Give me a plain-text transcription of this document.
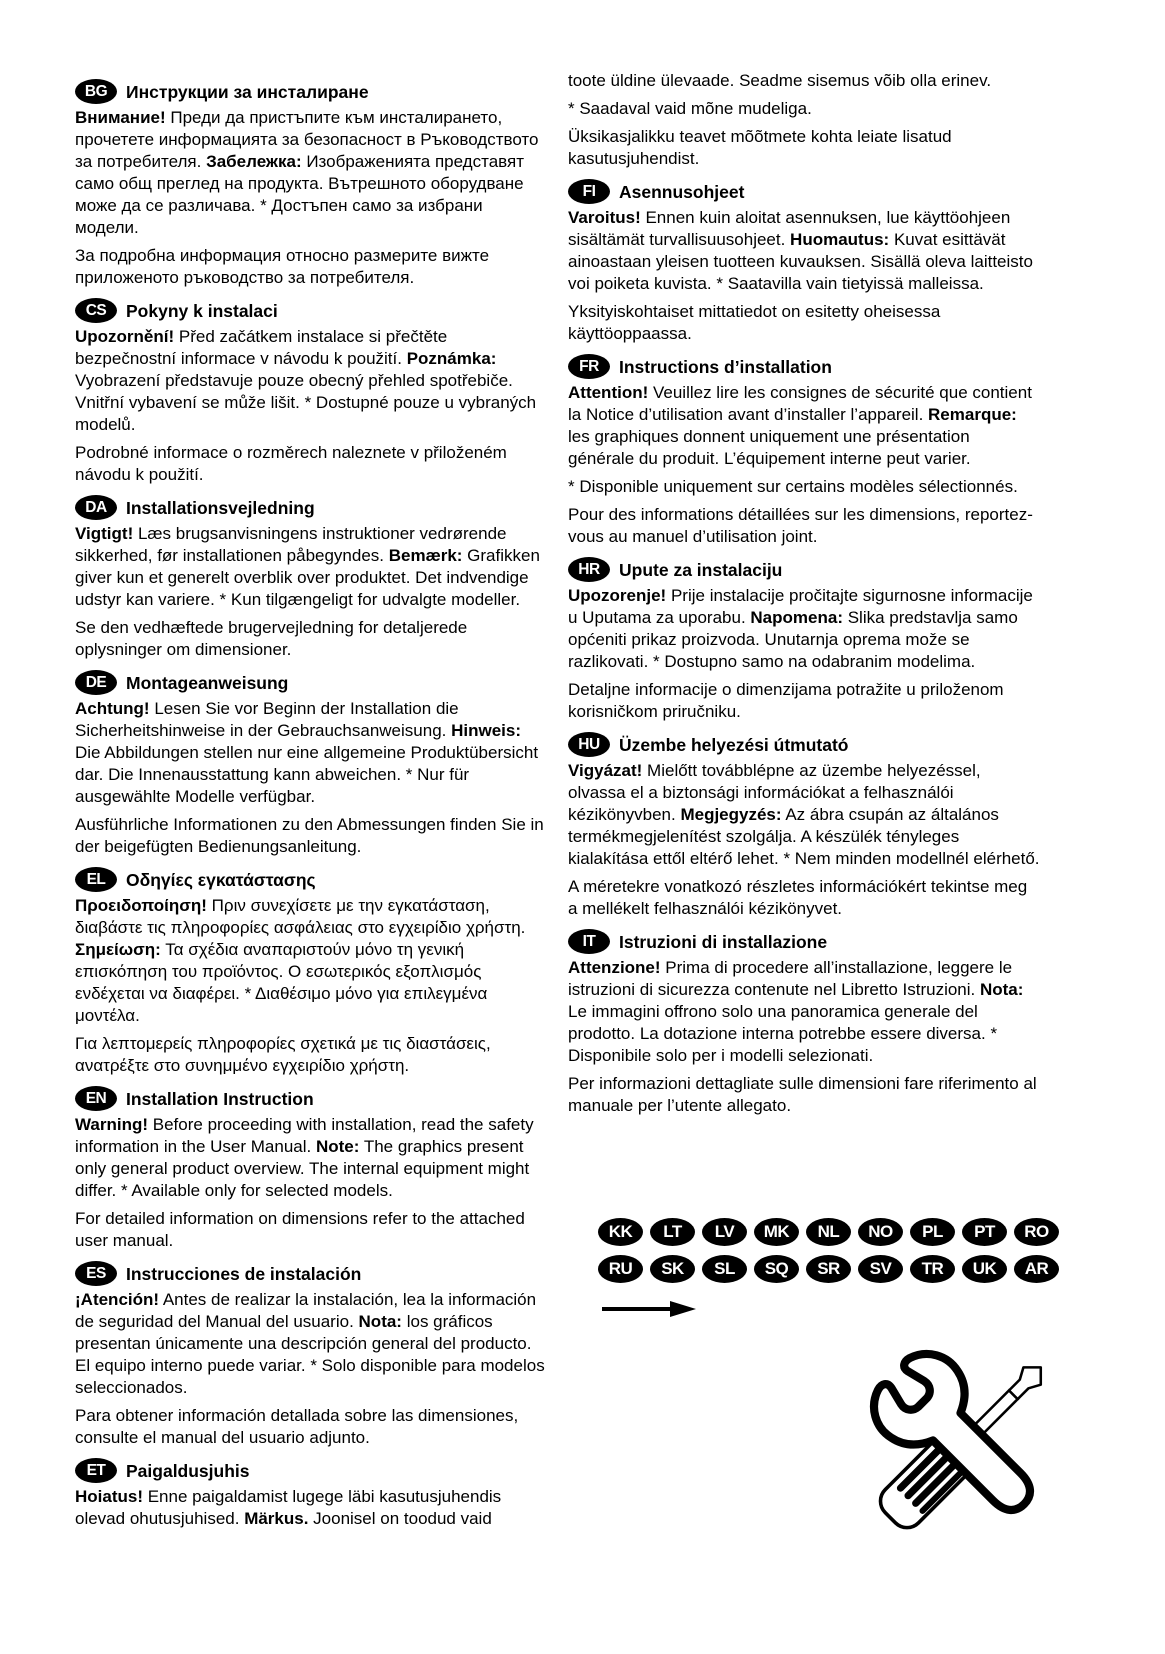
BG	Инструкции за инсталиране

Внимание! Преди да пристъпите към инсталирането, прочетете информацията за безопасност в Ръководството за потребителя. Забележка: Изображенията представят само общ преглед на продукта. Вътрешното оборудване може да се различава. * Достъпен само за избрани модели.

За подробна информация относно размерите вижте приложеното ръководство за потребителя.

CS	Pokyny k instalaci

Upozornění! Před začátkem instalace si přečtěte bezpečnostní informace v návodu k použití. Poznámka: Vyobrazení představuje pouze obecný přehled spotřebiče. Vnitřní vybavení se může lišit. * Dostupné pouze u vybraných modelů.

Podrobné informace o rozměrech naleznete v přiloženém návodu k použití.

DA	Installationsvejledning

Vigtigt! Læs brugsanvisningens instruktioner vedrørende sikkerhed, før installationen påbegyndes. Bemærk: Grafikken giver kun et generelt overblik over produktet. Det indvendige udstyr kan variere. * Kun tilgængeligt for udvalgte modeller.

Se den vedhæftede brugervejledning for detaljerede oplysninger om dimensioner.

DE	Montageanweisung

Achtung! Lesen Sie vor Beginn der Installation die Sicherheitshinweise in der Gebrauchsanweisung. Hinweis: Die Abbildungen stellen nur eine allgemeine Produktübersicht dar. Die Innenausstattung kann abweichen. * Nur für ausgewählte Modelle verfügbar.

Ausführliche Informationen zu den Abmessungen finden Sie in der beigefügten Bedienungsanleitung.

EL	Οδηγίες εγκατάστασης

Προειδοποίηση! Πριν συνεχίσετε με την εγκατάσταση, διαβάστε τις πληροφορίες ασφάλειας στο εγχειρίδιο χρήστη. Σημείωση: Τα σχέδια αναπαριστούν μόνο τη γενική επισκόπηση του προϊόντος. Ο εσωτερικός εξοπλισμός ενδέχεται να διαφέρει. * Διαθέσιμο μόνο για επιλεγμένα μοντέλα.

Για λεπτομερείς πληροφορίες σχετικά με τις διαστάσεις, ανατρέξτε στο συνημμένο εγχειρίδιο χρήστη.

EN	Installation Instruction

Warning! Before proceeding with installation, read the safety information in the User Manual. Note: The graphics present only general product overview. The internal equipment might differ. * Available only for selected models.

For detailed information on dimensions refer to the attached user manual.

ES	Instrucciones de instalación

¡Atención! Antes de realizar la instalación, lea la información de seguridad del Manual del usuario. Nota: los gráficos presentan únicamente una descripción general del producto. El equipo interno puede variar. * Solo disponible para modelos seleccionados.

Para obtener información detallada sobre las dimensiones, consulte el manual del usuario adjunto.

ET	Paigaldusjuhis

Hoiatus! Enne paigaldamist lugege läbi kasutusjuhendis olevad ohutusjuhised. Märkus. Joonisel on toodud vaid

toote üldine ülevaade. Seadme sisemus võib olla erinev.

* Saadaval vaid mõne mudeliga.

Üksikasjalikku teavet mõõtmete kohta leiate lisatud kasutusjuhendist.

FI	Asennusohjeet

Varoitus! Ennen kuin aloitat asennuksen, lue käyttöohjeen sisältämät turvallisuusohjeet. Huomautus: Kuvat esittävät ainoastaan yleisen tuotteen kuvauksen. Sisällä oleva laitteisto voi poiketa kuvista. * Saatavilla vain tietyissä malleissa.

Yksityiskohtaiset mittatiedot on esitetty oheisessa käyttöoppaassa.

FR	Instructions d’installation

Attention! Veuillez lire les consignes de sécurité que contient la Notice d’utilisation avant d’installer l’appareil. Remarque: les graphiques donnent uniquement une présentation générale du produit. L’équipement interne peut varier.

* Disponible uniquement sur certains modèles sélectionnés.

Pour des informations détaillées sur les dimensions, reportez-vous au manuel d’utilisation joint.

HR	Upute za instalaciju

Upozorenje! Prije instalacije pročitajte sigurnosne informacije u Uputama za uporabu. Napomena: Slika predstavlja samo općeniti prikaz proizvoda. Unutarnja oprema može se razlikovati. * Dostupno samo na odabranim modelima.

Detaljne informacije o dimenzijama potražite u priloženom korisničkom priručniku.

HU	Üzembe helyezési útmutató

Vigyázat! Mielőtt továbblépne az üzembe helyezéssel, olvassa el a biztonsági információkat a felhasználói kézikönyvben. Megjegyzés: Az ábra csupán az általános termékmegjelenítést szolgálja. A készülék tényleges kialakítása ettől eltérő lehet. * Nem minden modellnél elérhető.

A méretekre vonatkozó részletes információkért tekintse meg a mellékelt felhasználói kézikönyvet.

IT	Istruzioni di installazione

Attenzione! Prima di procedere all’installazione, leggere le istruzioni di sicurezza contenute nel Libretto Istruzioni. Nota: Le immagini offrono solo una panoramica generale del prodotto. La dotazione interna potrebbe essere diversa. * Disponibile solo per i modelli selezionati.

Per informazioni dettagliate sulle dimensioni fare riferimento al manuale per l’utente allegato.

KK	LT	LV	MK	NL	NO	PL	PT	RO
RU	SK	SL	SQ	SR	SV	TR	UK	AR
